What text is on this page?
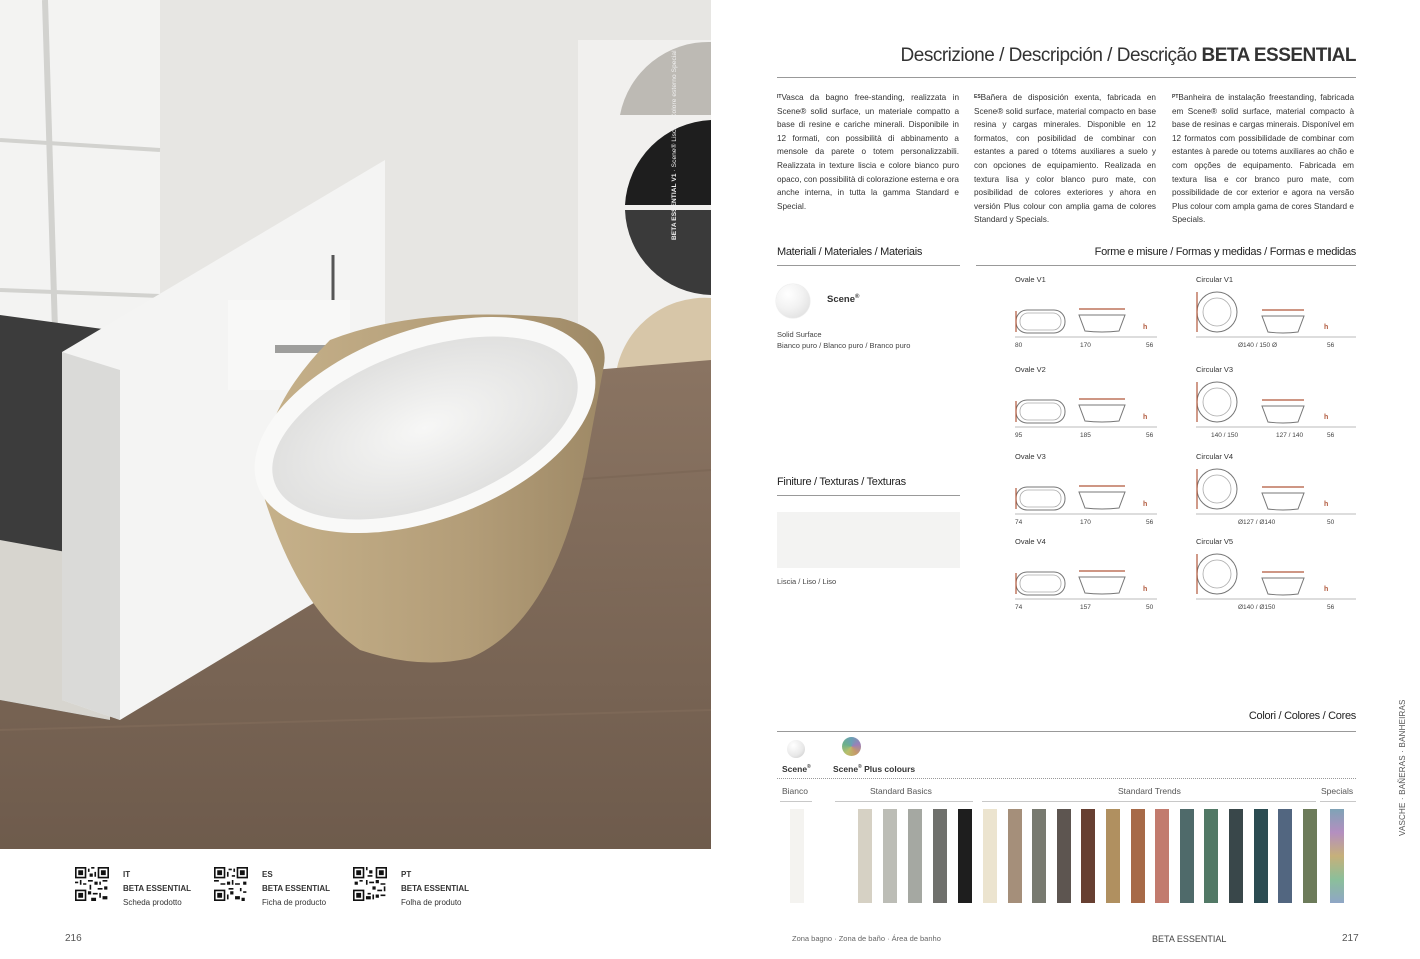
BETA ESSENTIAL V1 · Scene® Liscio · Colore esterno Special
IT
BETA ESSENTIAL
Scheda prodotto
ES
BETA ESSENTIAL
Ficha de producto
PT
BETA ESSENTIAL
Folha de produto
216
Descrizione / Descripción / Descrição BETA ESSENTIAL
$^{IT}$Vasca da bagno free-standing, realizzata in Scene® solid surface, un materiale compatto a base di resine e cariche minerali. Disponibile in 12 formati, con possibilità di abbinamento a mensole da parete o totem personalizzabili. Realizzata in texture liscia e colore bianco puro opaco, con possibilità di colorazione esterna e ora anche interna, in tutta la gamma Standard e Special.
$^{ES}$Bañera de disposición exenta, fabricada en Scene® solid surface, material compacto en base resina y cargas minerales. Disponible en 12 formatos, con posibilidad de combinar con estantes a pared o tótems auxiliares a suelo y con opciones de equipamiento. Realizada en textura lisa y color blanco puro mate, con posibilidad de colores exteriores y ahora en versión Plus colour con amplia gama de colores Standard y Specials.
$^{PT}$Banheira de instalação freestanding, fabricada em Scene® solid surface, material compacto à base de resinas e cargas minerais. Disponível em 12 formatos com possibilidade de combinar com estantes à parede ou totems auxiliares ao chão e com opções de equipamento. Fabricada em textura lisa e cor branco puro mate, com possibilidade de cor exterior e agora na versão Plus colour com ampla gama de cores Standard e Specials.
Materiali / Materiales / Materiais
Scene®
Solid Surface
Bianco puro / Blanco puro / Branco puro
Finiture / Texturas / Texturas
Liscia / Liso / Liso
Forme e misure / Formas y medidas / Formas e medidas
Ovale V1
h
80	170	56
Circular V1
h
Ø140 / 150 Ø	56
Ovale V2
h
95	185	56
Circular V3
h
140 / 150	127 / 140	56
Ovale V3
h
74	170	56
Circular V4
h
Ø127 / Ø140	50
Ovale V4
h
74	157	50
Circular V5
h
Ø140 / Ø150	56
Colori / Colores / Cores
Scene®	Scene® Plus colours
Bianco	Standard Basics	Standard Trends	Specials	VASCHE · BAÑERAS · BANHEIRAS
Zona bagno · Zona de baño · Área de banho	BETA ESSENTIAL	217
